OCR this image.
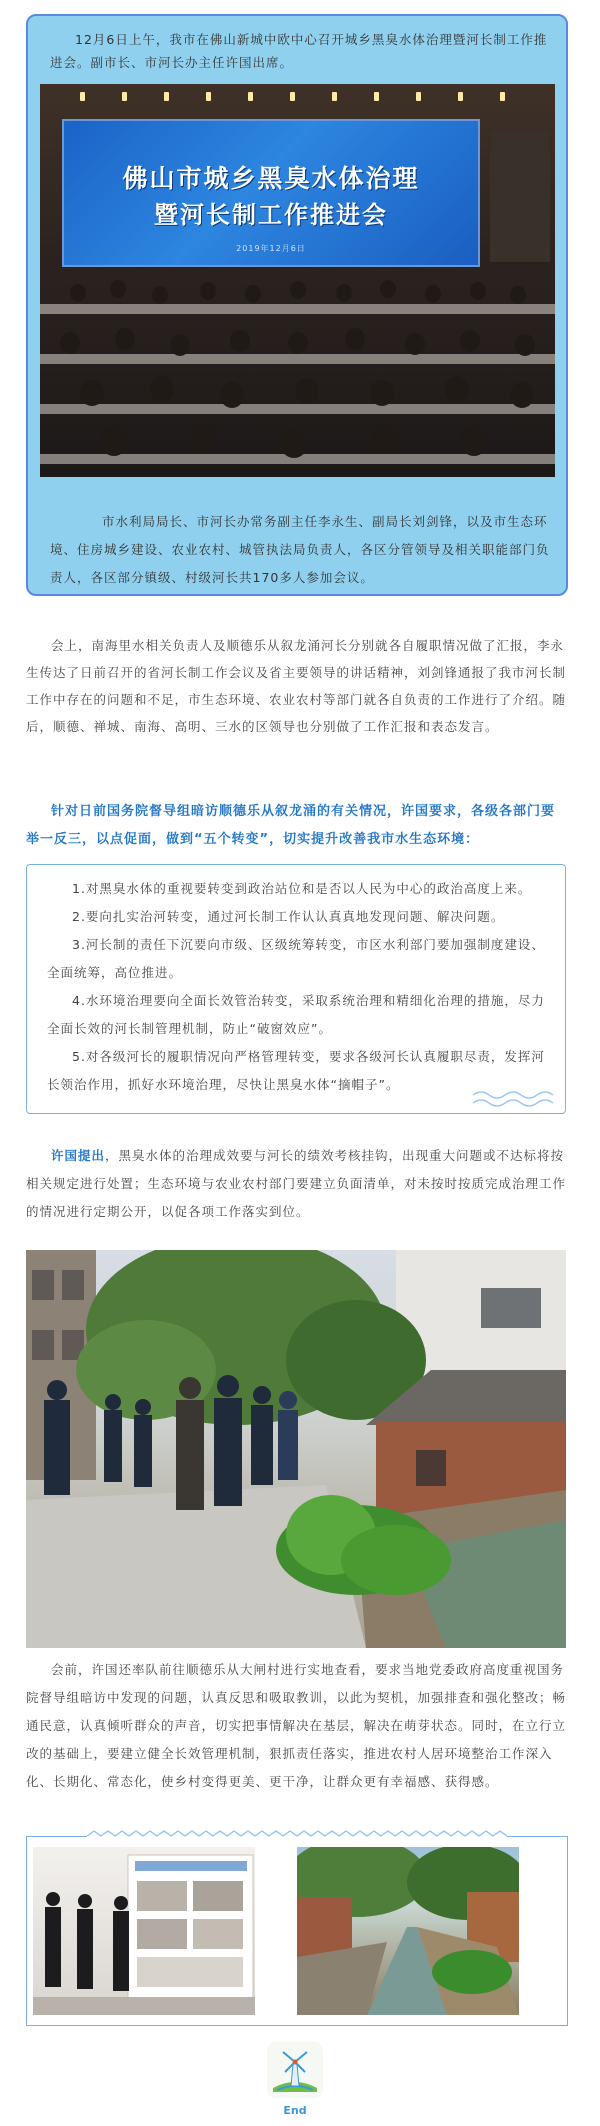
12月6日上午，我市在佛山新城中欧中心召开城乡黑臭水体治理暨河长制工作推进会。副市长、市河长办主任许国出席。

佛山市城乡黑臭水体治理
暨河长制工作推进会
2019年12月6日

市水利局局长、市河长办常务副主任李永生、副局长刘剑锋，以及市生态环境、住房城乡建设、农业农村、城管执法局负责人，各区分管领导及相关职能部门负责人，各区部分镇级、村级河长共170多人参加会议。

会上，南海里水相关负责人及顺德乐从叙龙涌河长分别就各自履职情况做了汇报，李永生传达了日前召开的省河长制工作会议及省主要领导的讲话精神，刘剑锋通报了我市河长制工作中存在的问题和不足，市生态环境、农业农村等部门就各自负责的工作进行了介绍。随后，顺德、禅城、南海、高明、三水的区领导也分别做了工作汇报和表态发言。

针对日前国务院督导组暗访顺德乐从叙龙涌的有关情况，许国要求，各级各部门要举一反三，以点促面，做到“五个转变”，切实提升改善我市水生态环境：

1.对黑臭水体的重视要转变到政治站位和是否以人民为中心的政治高度上来。
2.要向扎实治河转变，通过河长制工作认认真真地发现问题、解决问题。
3.河长制的责任下沉要向市级、区级统筹转变，市区水利部门要加强制度建设、全面统筹，高位推进。
4.水环境治理要向全面长效管治转变，采取系统治理和精细化治理的措施，尽力全面长效的河长制管理机制，防止“破窗效应”。
5.对各级河长的履职情况向严格管理转变，要求各级河长认真履职尽责，发挥河长领治作用，抓好水环境治理，尽快让黑臭水体“摘帽子”。

许国提出，黑臭水体的治理成效要与河长的绩效考核挂钩，出现重大问题或不达标将按相关规定进行处置；生态环境与农业农村部门要建立负面清单，对未按时按质完成治理工作的情况进行定期公开，以促各项工作落实到位。

会前，许国还率队前往顺德乐从大闸村进行实地查看，要求当地党委政府高度重视国务院督导组暗访中发现的问题，认真反思和吸取教训，以此为契机，加强排查和强化整改；畅通民意，认真倾听群众的声音，切实把事情解决在基层，解决在萌芽状态。同时，在立行立改的基础上，要建立健全长效管理机制，狠抓责任落实，推进农村人居环境整治工作深入化、长期化、常态化，使乡村变得更美、更干净，让群众更有幸福感、获得感。

End
